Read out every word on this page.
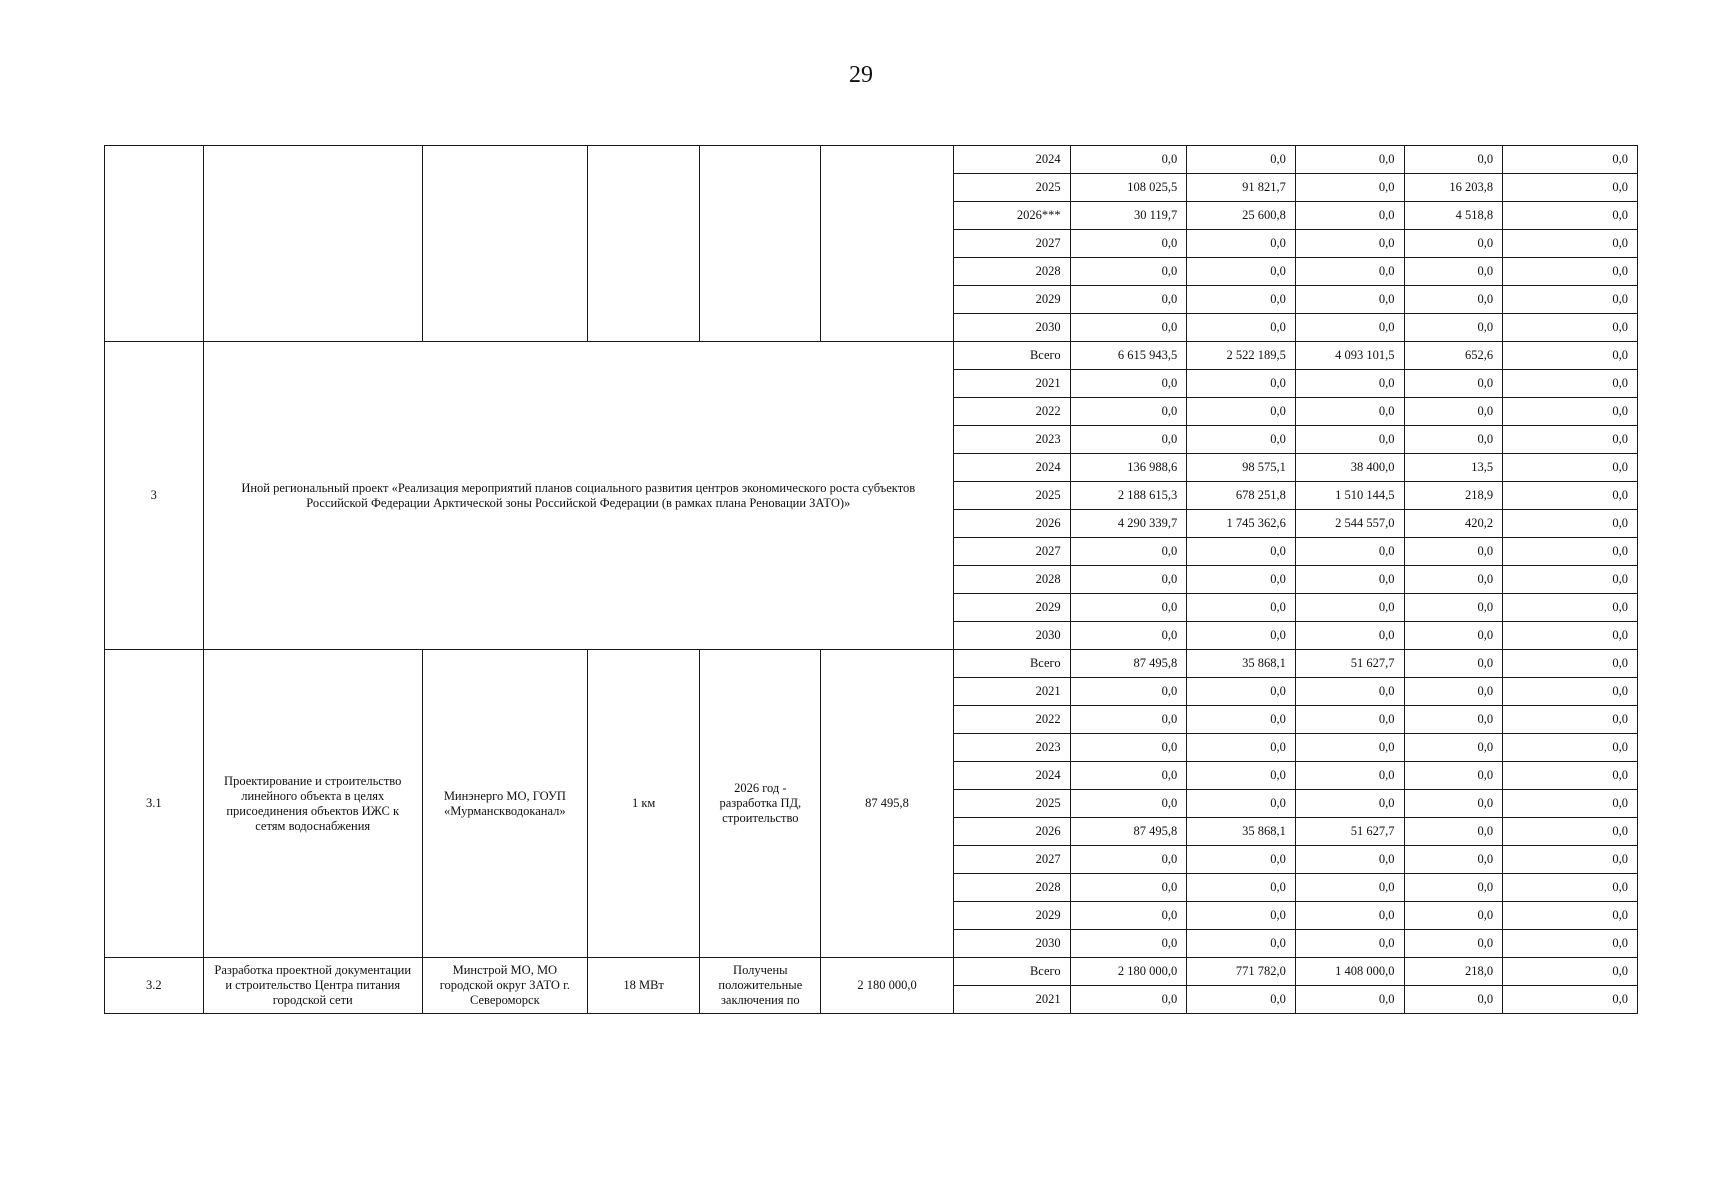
29
						2024	0,0	0,0	0,0	0,0	0,0
						2025	108 025,5	91 821,7	0,0	16 203,8	0,0
						2026***	30 119,7	25 600,8	0,0	4 518,8	0,0
						2027	0,0	0,0	0,0	0,0	0,0
						2028	0,0	0,0	0,0	0,0	0,0
						2029	0,0	0,0	0,0	0,0	0,0
						2030	0,0	0,0	0,0	0,0	0,0
3	Иной региональный проект «Реализация мероприятий планов социального развития центров экономического роста субъектов Российской Федерации Арктической зоны Российской Федерации (в рамках плана Реновации ЗАТО)»					Всего	6 615 943,5	2 522 189,5	4 093 101,5	652,6	0,0
						2021	0,0	0,0	0,0	0,0	0,0
						2022	0,0	0,0	0,0	0,0	0,0
						2023	0,0	0,0	0,0	0,0	0,0
						2024	136 988,6	98 575,1	38 400,0	13,5	0,0
						2025	2 188 615,3	678 251,8	1 510 144,5	218,9	0,0
						2026	4 290 339,7	1 745 362,6	2 544 557,0	420,2	0,0
						2027	0,0	0,0	0,0	0,0	0,0
						2028	0,0	0,0	0,0	0,0	0,0
						2029	0,0	0,0	0,0	0,0	0,0
						2030	0,0	0,0	0,0	0,0	0,0
3.1	Проектирование и строительство линейного объекта в целях присоединения объектов ИЖС к сетям водоснабжения	Минэнерго МО, ГОУП «Мурманскводоканал»	1 км	2026 год - разработка ПД, строительство	87 495,8	Всего	87 495,8	35 868,1	51 627,7	0,0	0,0
						2021	0,0	0,0	0,0	0,0	0,0
						2022	0,0	0,0	0,0	0,0	0,0
						2023	0,0	0,0	0,0	0,0	0,0
						2024	0,0	0,0	0,0	0,0	0,0
						2025	0,0	0,0	0,0	0,0	0,0
						2026	87 495,8	35 868,1	51 627,7	0,0	0,0
						2027	0,0	0,0	0,0	0,0	0,0
						2028	0,0	0,0	0,0	0,0	0,0
						2029	0,0	0,0	0,0	0,0	0,0
						2030	0,0	0,0	0,0	0,0	0,0
3.2	Разработка проектной документации и строительство Центра питания городской сети	Минстрой МО, МО городской округ ЗАТО г. Североморск	18 МВт	Получены положительные заключения по	2 180 000,0	Всего	2 180 000,0	771 782,0	1 408 000,0	218,0	0,0
						2021	0,0	0,0	0,0	0,0	0,0
